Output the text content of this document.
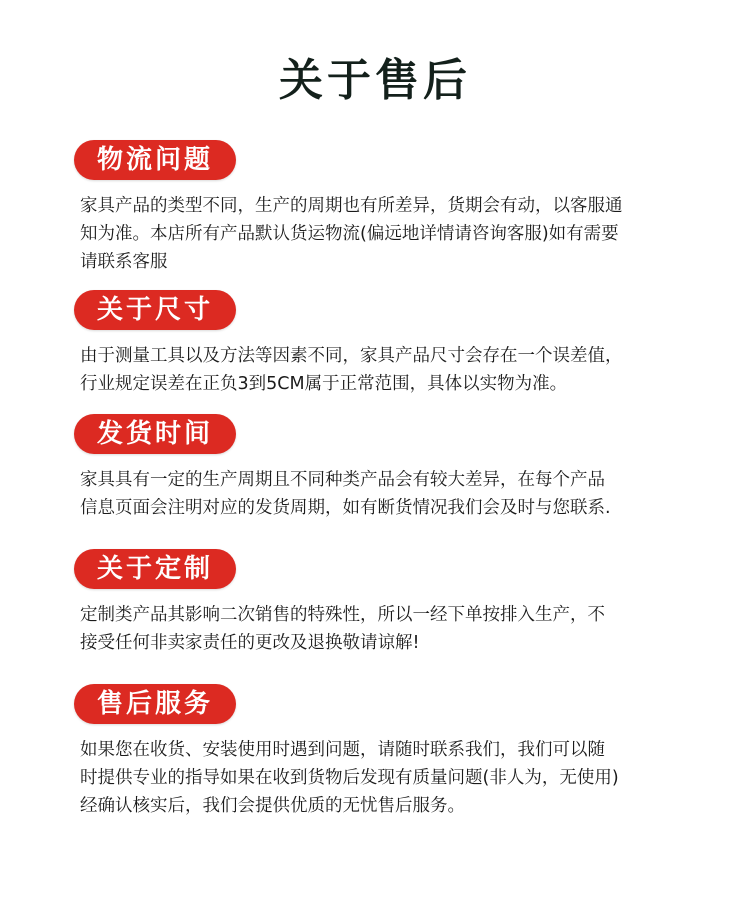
关于售后
物流问题
家具产品的类型不同，生产的周期也有所差异，货期会有动，以客服通
知为准。本店所有产品默认货运物流(偏远地详情请咨询客服)如有需要
请联系客服
关于尺寸
由于测量工具以及方法等因素不同，家具产品尺寸会存在一个误差值，
行业规定误差在正负3到5CM属于正常范围，具体以实物为准。
发货时间
家具具有一定的生产周期且不同种类产品会有较大差异，在每个产品
信息页面会注明对应的发货周期，如有断货情况我们会及时与您联系.
关于定制
定制类产品其影响二次销售的特殊性，所以一经下单按排入生产，不
接受任何非卖家责任的更改及退换敬请谅解!
售后服务
如果您在收货、安装使用时遇到问题，请随时联系我们，我们可以随
时提供专业的指导如果在收到货物后发现有质量问题(非人为，无使用)
经确认核实后，我们会提供优质的无忧售后服务。
